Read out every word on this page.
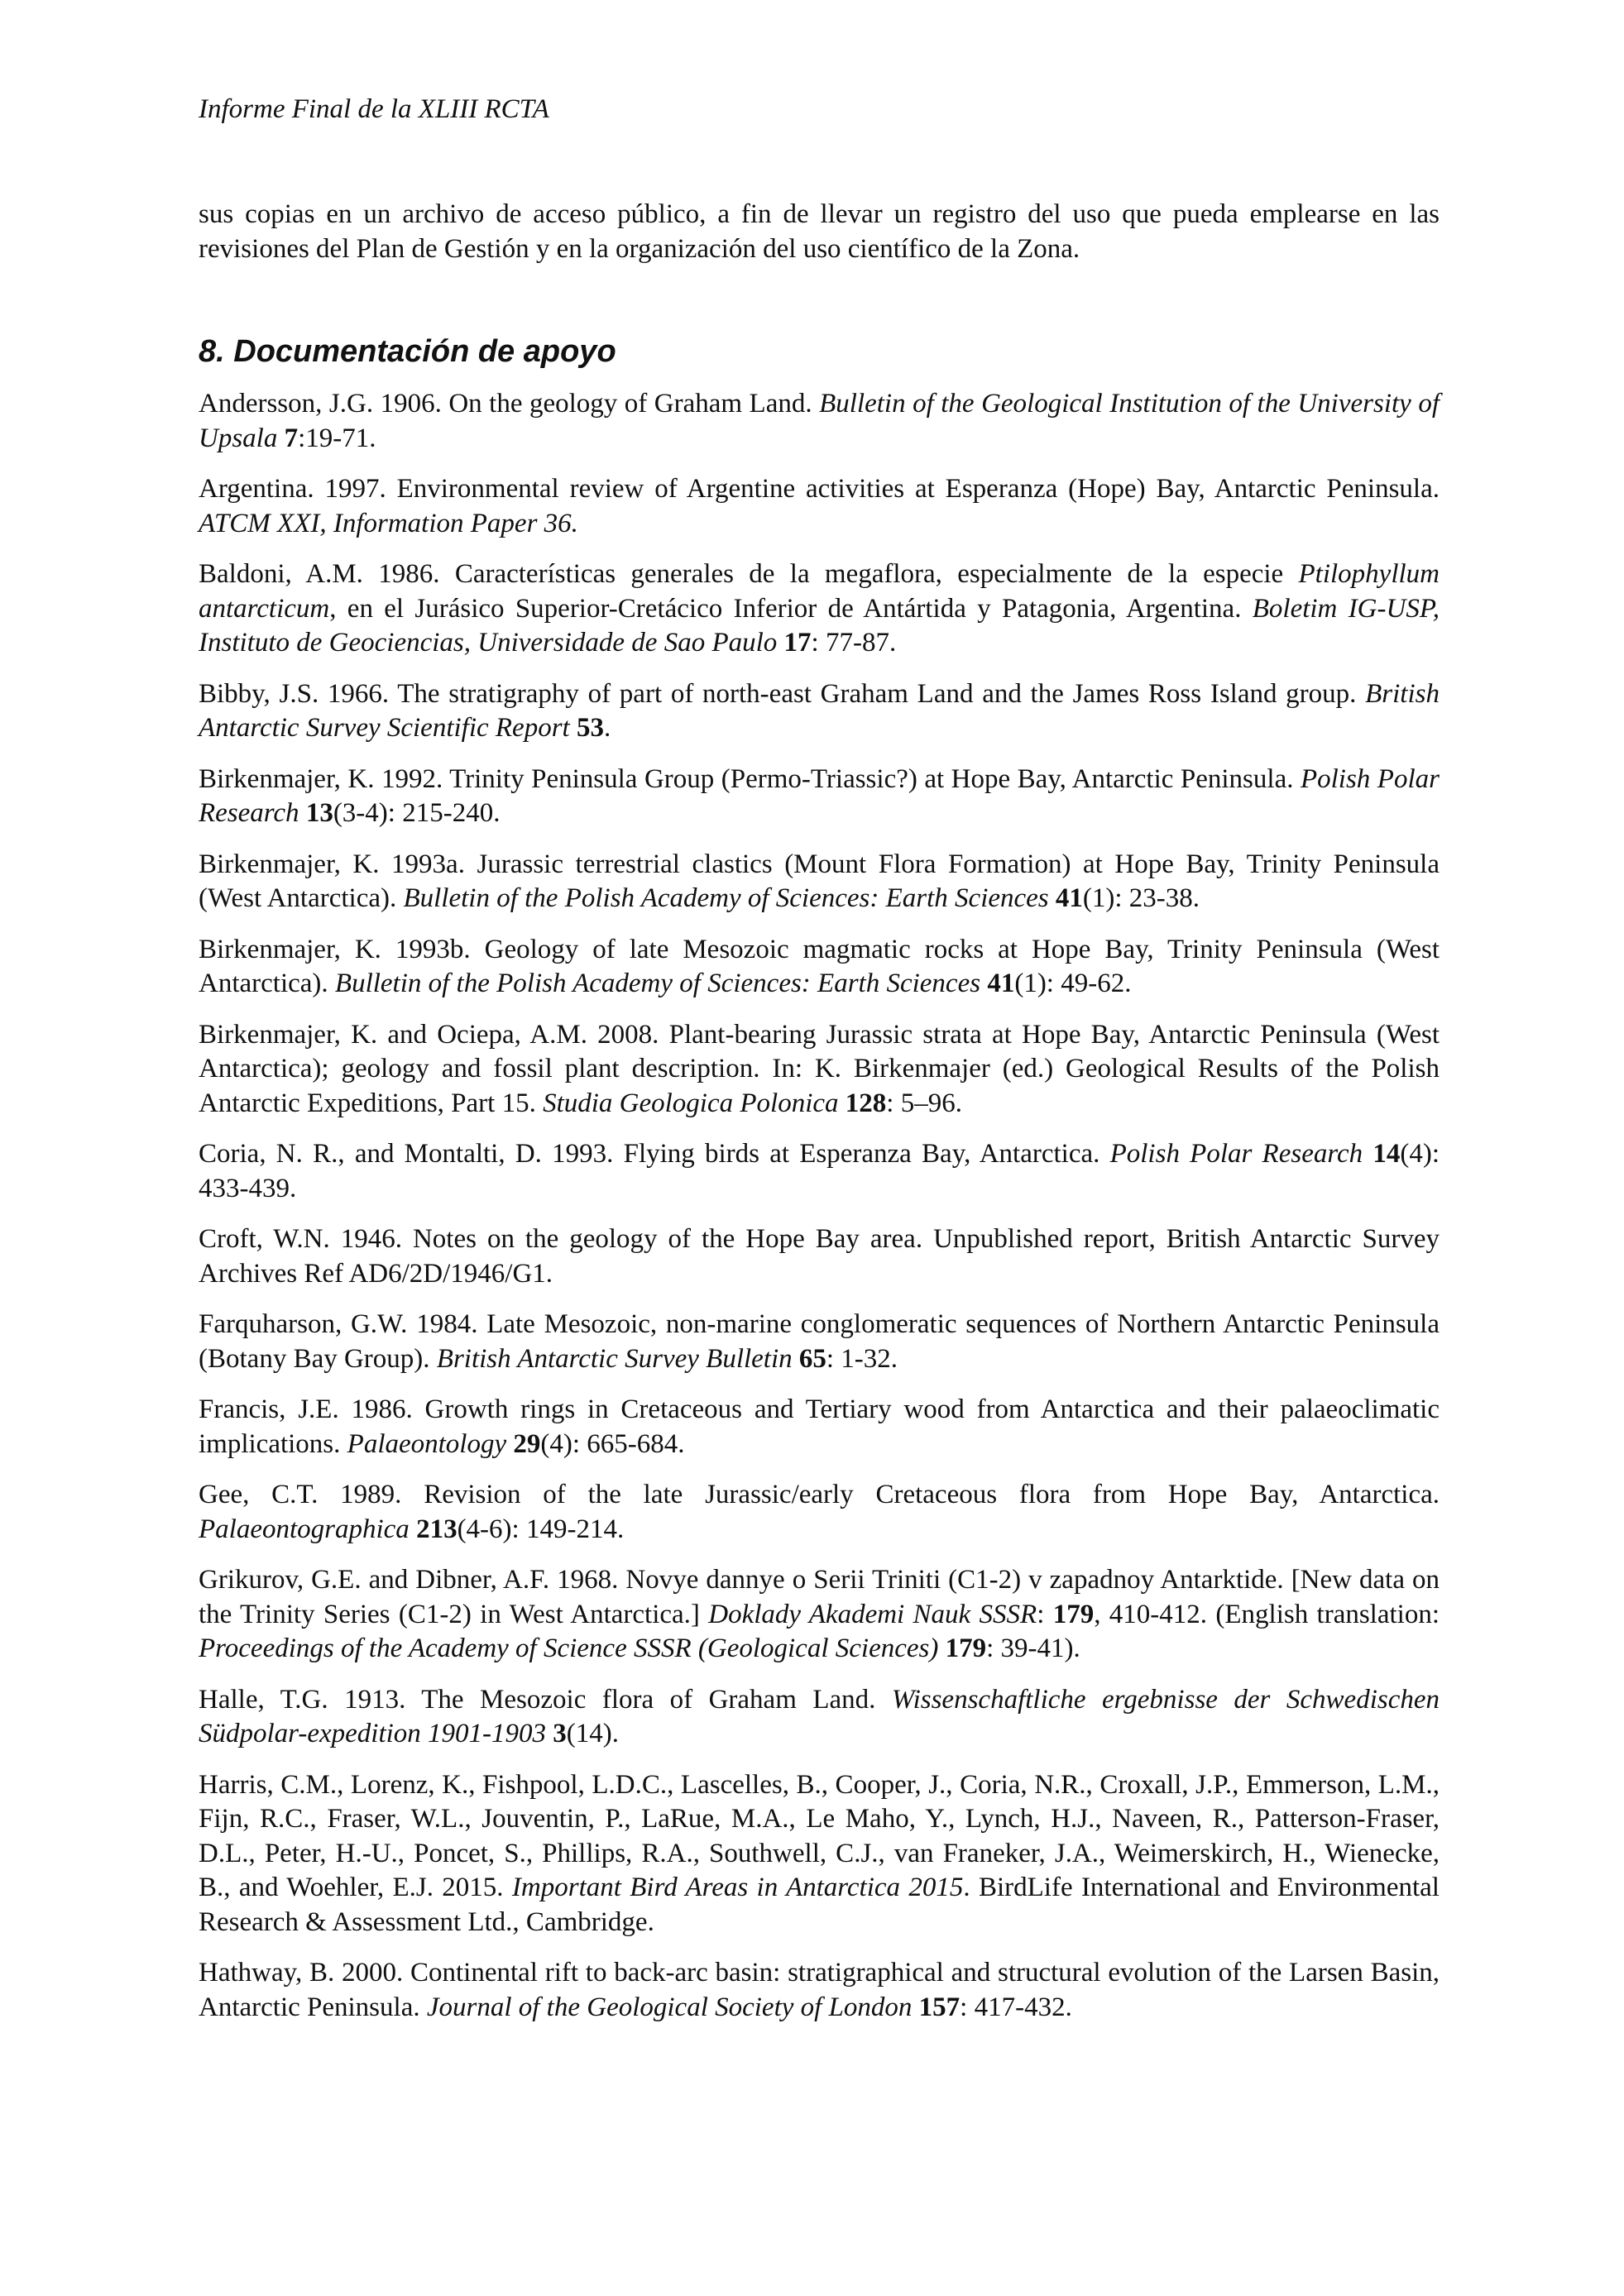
Informe Final de la XLIII RCTA

sus copias en un archivo de acceso público, a fin de llevar un registro del uso que pueda emplearse en las revisiones del Plan de Gestión y en la organización del uso científico de la Zona.

8. Documentación de apoyo

Andersson, J.G. 1906. On the geology of Graham Land. Bulletin of the Geological Institution of the University of Upsala 7:19-71.

Argentina. 1997. Environmental review of Argentine activities at Esperanza (Hope) Bay, Antarctic Peninsula. ATCM XXI, Information Paper 36.

Baldoni, A.M. 1986. Características generales de la megaflora, especialmente de la especie Ptilophyllum antarcticum, en el Jurásico Superior-Cretácico Inferior de Antártida y Patagonia, Argentina. Boletim IG-USP, Instituto de Geociencias, Universidade de Sao Paulo 17: 77-87.

Bibby, J.S. 1966. The stratigraphy of part of north-east Graham Land and the James Ross Island group. British Antarctic Survey Scientific Report 53.

Birkenmajer, K. 1992. Trinity Peninsula Group (Permo-Triassic?) at Hope Bay, Antarctic Peninsula. Polish Polar Research 13(3-4): 215-240.

Birkenmajer, K. 1993a. Jurassic terrestrial clastics (Mount Flora Formation) at Hope Bay, Trinity Peninsula (West Antarctica). Bulletin of the Polish Academy of Sciences: Earth Sciences 41(1): 23-38.

Birkenmajer, K. 1993b. Geology of late Mesozoic magmatic rocks at Hope Bay, Trinity Peninsula (West Antarctica). Bulletin of the Polish Academy of Sciences: Earth Sciences 41(1): 49-62.

Birkenmajer, K. and Ociepa, A.M. 2008. Plant-bearing Jurassic strata at Hope Bay, Antarctic Peninsula (West Antarctica); geology and fossil plant description. In: K. Birkenmajer (ed.) Geological Results of the Polish Antarctic Expeditions, Part 15. Studia Geologica Polonica 128: 5–96.

Coria, N. R., and Montalti, D. 1993. Flying birds at Esperanza Bay, Antarctica. Polish Polar Research 14(4): 433-439.

Croft, W.N. 1946. Notes on the geology of the Hope Bay area. Unpublished report, British Antarctic Survey Archives Ref AD6/2D/1946/G1.

Farquharson, G.W. 1984. Late Mesozoic, non-marine conglomeratic sequences of Northern Antarctic Peninsula (Botany Bay Group). British Antarctic Survey Bulletin 65: 1-32.

Francis, J.E. 1986. Growth rings in Cretaceous and Tertiary wood from Antarctica and their palaeoclimatic implications. Palaeontology 29(4): 665-684.

Gee, C.T. 1989. Revision of the late Jurassic/early Cretaceous flora from Hope Bay, Antarctica. Palaeontographica 213(4-6): 149-214.

Grikurov, G.E. and Dibner, A.F. 1968. Novye dannye o Serii Triniti (C1-2) v zapadnoy Antarktide. [New data on the Trinity Series (C1-2) in West Antarctica.] Doklady Akademi Nauk SSSR: 179, 410-412. (English translation: Proceedings of the Academy of Science SSSR (Geological Sciences) 179: 39-41).

Halle, T.G. 1913. The Mesozoic flora of Graham Land. Wissenschaftliche ergebnisse der Schwedischen Südpolar-expedition 1901-1903 3(14).

Harris, C.M., Lorenz, K., Fishpool, L.D.C., Lascelles, B., Cooper, J., Coria, N.R., Croxall, J.P., Emmerson, L.M., Fijn, R.C., Fraser, W.L., Jouventin, P., LaRue, M.A., Le Maho, Y., Lynch, H.J., Naveen, R., Patterson-Fraser, D.L., Peter, H.-U., Poncet, S., Phillips, R.A., Southwell, C.J., van Franeker, J.A., Weimerskirch, H., Wienecke, B., and Woehler, E.J. 2015. Important Bird Areas in Antarctica 2015. BirdLife International and Environmental Research & Assessment Ltd., Cambridge.

Hathway, B. 2000. Continental rift to back-arc basin: stratigraphical and structural evolution of the Larsen Basin, Antarctic Peninsula. Journal of the Geological Society of London 157: 417-432.
